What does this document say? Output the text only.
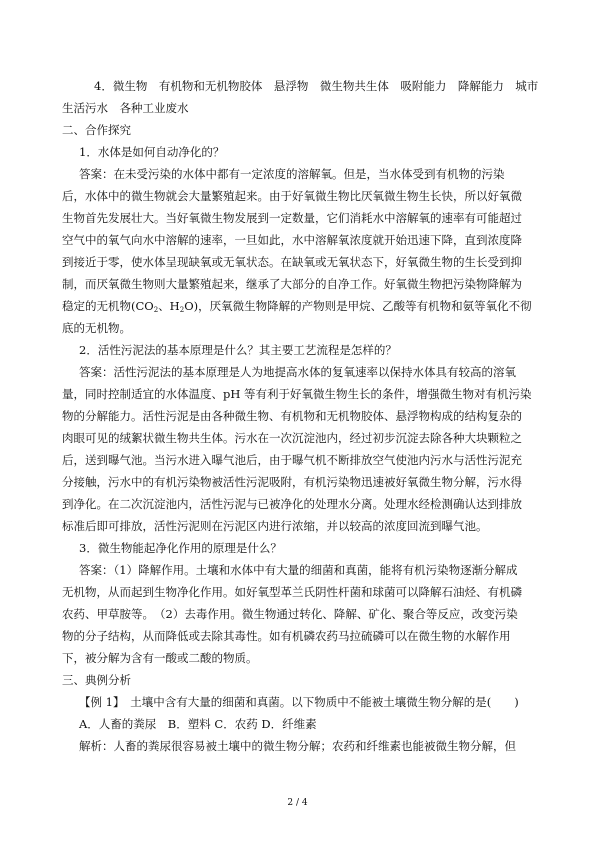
4．微生物　有机物和无机物胶体　悬浮物　微生物共生体　吸附能力　降解能力　城市
生活污水　各种工业废水
二、合作探究
1．水体是如何自动净化的？
答案：在未受污染的水体中都有一定浓度的溶解氧。但是，当水体受到有机物的污染
后，水体中的微生物就会大量繁殖起来。由于好氧微生物比厌氧微生物生长快，所以好氧微
生物首先发展壮大。当好氧微生物发展到一定数量，它们消耗水中溶解氧的速率有可能超过
空气中的氧气向水中溶解的速率，一旦如此，水中溶解氧浓度就开始迅速下降，直到浓度降
到接近于零，使水体呈现缺氧或无氧状态。在缺氧或无氧状态下，好氧微生物的生长受到抑
制，而厌氧微生物则大量繁殖起来，继承了大部分的自净工作。好氧微生物把污染物降解为
稳定的无机物($CO_2$、$H_2O$)，厌氧微生物降解的产物则是甲烷、乙酸等有机物和氨等氧化不彻
底的无机物。
2．活性污泥法的基本原理是什么？其主要工艺流程是怎样的？
答案：活性污泥法的基本原理是人为地提高水体的复氧速率以保持水体具有较高的溶氧
量，同时控制适宜的水体温度、pH 等有利于好氧微生物生长的条件，增强微生物对有机污染
物的分解能力。活性污泥是由各种微生物、有机物和无机物胶体、悬浮物构成的结构复杂的
肉眼可见的绒絮状微生物共生体。污水在一次沉淀池内，经过初步沉淀去除各种大块颗粒之
后，送到曝气池。当污水进入曝气池后，由于曝气机不断排放空气使池内污水与活性污泥充
分接触，污水中的有机污染物被活性污泥吸附，有机污染物迅速被好氧微生物分解，污水得
到净化。在二次沉淀池内，活性污泥与已被净化的处理水分离。处理水经检测确认达到排放
标准后即可排放，活性污泥则在污泥区内进行浓缩，并以较高的浓度回流到曝气池。
3．微生物能起净化作用的原理是什么？
答案：（1）降解作用。土壤和水体中有大量的细菌和真菌，能将有机污染物逐渐分解成
无机物，从而起到生物净化作用。如好氧型革兰氏阴性杆菌和球菌可以降解石油烃、有机磷
农药、甲草胺等。　（2）去毒作用。微生物通过转化、降解、矿化、聚合等反应，改变污染
物的分子结构，从而降低或去除其毒性。如有机磷农药马拉硫磷可以在微生物的水解作用
下，被分解为含有一酸或二酸的物质。
三、典例分析
【例 1】　土壤中含有大量的细菌和真菌。以下物质中不能被土壤微生物分解的是(　　)
A．人畜的粪尿　B．塑料 C．农药 D．纤维素
解析：人畜的粪尿很容易被土壤中的微生物分解；农药和纤维素也能被微生物分解，但
2 / 4
